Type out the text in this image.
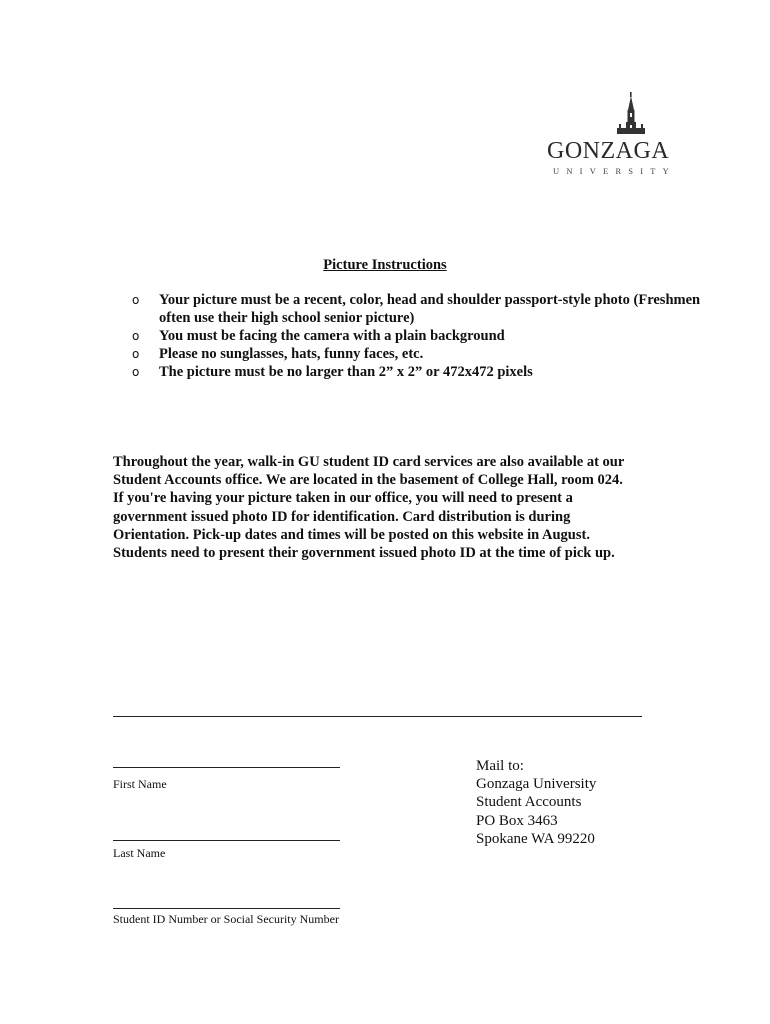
GONZAGA
UNIVERSITY
Picture Instructions
o	Your picture must be a recent, color, head and shoulder passport-style photo (Freshmen often use their high school senior picture)
o	You must be facing the camera with a plain background
o	Please no sunglasses, hats, funny faces, etc.
o	The picture must be no larger than 2” x 2” or 472x472 pixels
Throughout the year, walk-in GU student ID card services are also available at our
Student Accounts office. We are located in the basement of College Hall, room 024.
If you're having your picture taken in our office, you will need to present a
government issued photo ID for identification. Card distribution is during
Orientation. Pick-up dates and times will be posted on this website in August.
Students need to present their government issued photo ID at the time of pick up.
First Name
Last Name
Student ID Number or Social Security Number
Mail to:
Gonzaga University
Student Accounts
PO Box 3463
Spokane WA 99220
